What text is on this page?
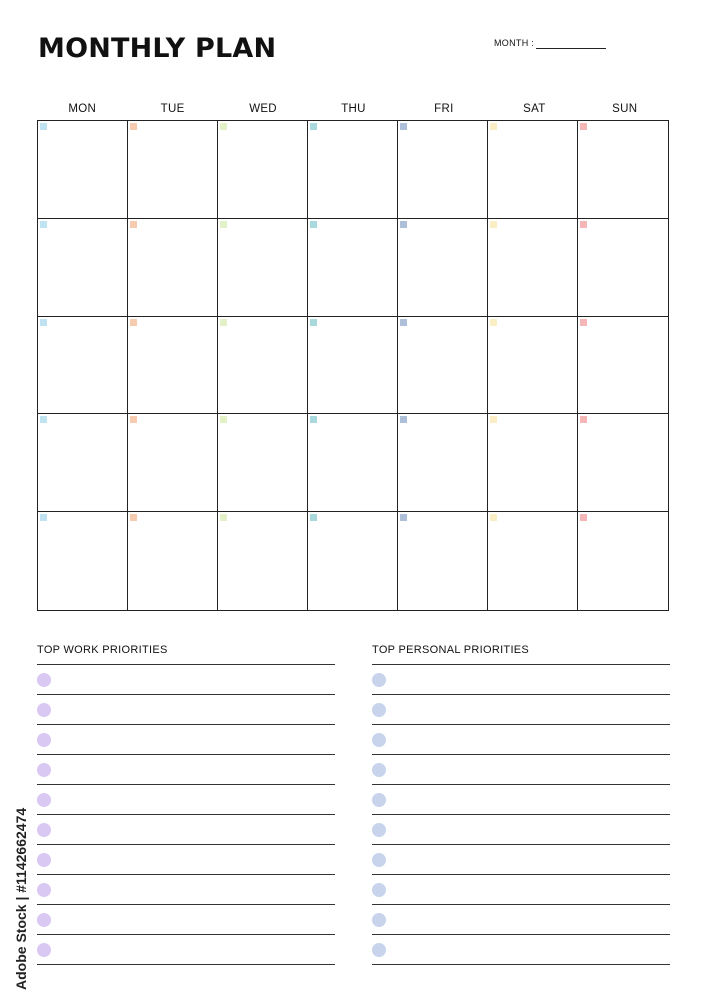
MONTHLY PLAN	MONTH :
MON	TUE	WED	THU	FRI	SAT	SUN
TOP WORK PRIORITIES	TOP PERSONAL PRIORITIES
Adobe Stock | #1142662474
